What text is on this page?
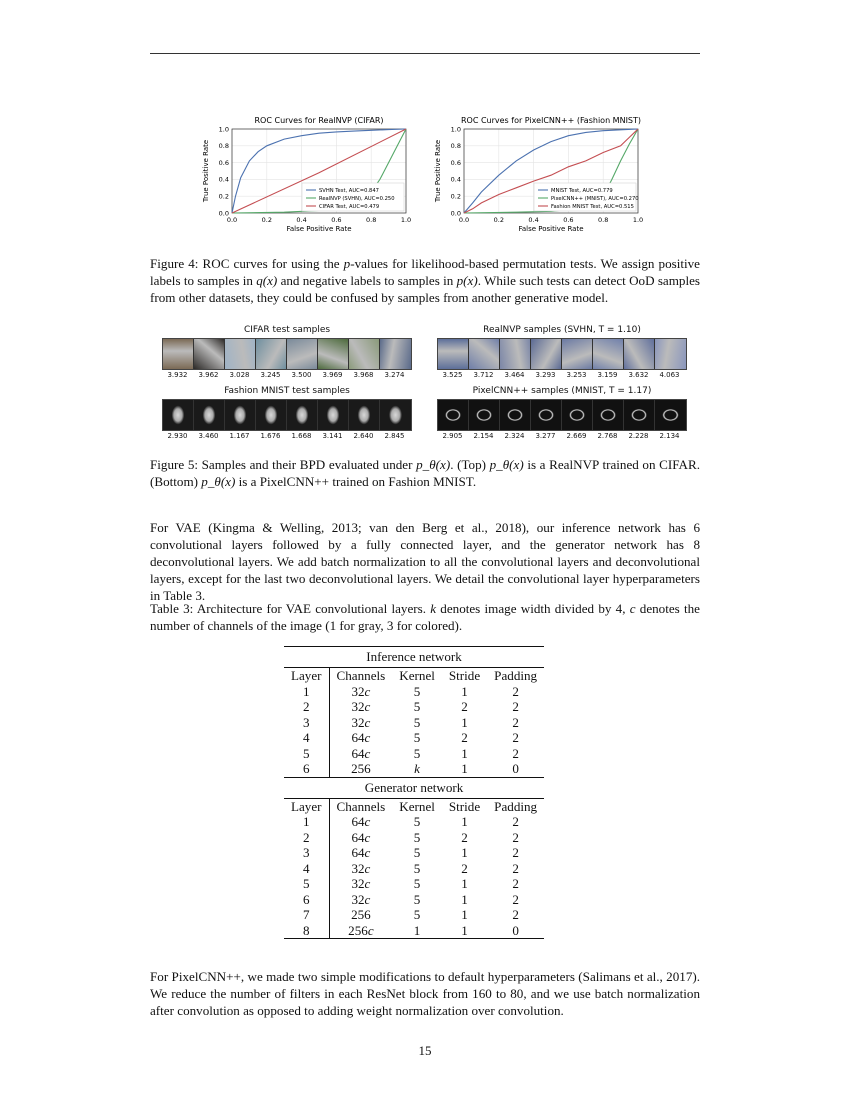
ROC Curves for RealNVP (CIFAR)
0.0	0.2	0.4	0.6	0.8	1.0
0.0
0.2
0.4
0.6
0.8
1.0
False Positive Rate
True Positive Rate	SVHN Test, AUC=0.847
RealNVP (SVHN), AUC=0.250
CIFAR Test, AUC=0.479
ROC Curves for PixelCNN++ (Fashion MNIST)
0.0	0.2	0.4	0.6	0.8	1.0
0.0
0.2
0.4
0.6
0.8
1.0
False Positive Rate
True Positive Rate	MNIST Test, AUC=0.779
PixelCNN++ (MNIST), AUC=0.270
Fashion MNIST Test, AUC=0.515
Figure 4: ROC curves for using the p-values for likelihood-based permutation tests. We assign positive labels to samples in q(x) and negative labels to samples in p(x). While such tests can detect OoD samples from other datasets, they could be confused by samples from another generative model.
CIFAR test samples
3.932	3.962	3.028	3.245	3.500	3.969	3.968	3.274
RealNVP samples (SVHN, T = 1.10)
3.525	3.712	3.464	3.293	3.253	3.159	3.632	4.063
Fashion MNIST test samples
2.930	3.460	1.167	1.676	1.668	3.141	2.640	2.845
PixelCNN++ samples (MNIST, T = 1.17)
2.905	2.154	2.324	3.277	2.669	2.768	2.228	2.134
Figure 5: Samples and their BPD evaluated under p_θ(x). (Top) p_θ(x) is a RealNVP trained on CIFAR. (Bottom) p_θ(x) is a PixelCNN++ trained on Fashion MNIST.
For VAE (Kingma & Welling, 2013; van den Berg et al., 2018), our inference network has 6 convolutional layers followed by a fully connected layer, and the generator network has 8 deconvolutional layers. We add batch normalization to all the convolutional layers and deconvolutional layers, except for the last two deconvolutional layers. We detail the convolutional layer hyperparameters in Table 3.
Table 3: Architecture for VAE convolutional layers. k denotes image width divided by 4, c denotes the number of channels of the image (1 for gray, 3 for colored).
Inference network				
Layer	Channels	Kernel	Stride	Padding
1	32c	5	1	2
2	32c	5	2	2
3	32c	5	1	2
4	64c	5	2	2
5	64c	5	1	2
6	256	k	1	0
Generator network				
Layer	Channels	Kernel	Stride	Padding
1	64c	5	1	2
2	64c	5	2	2
3	64c	5	1	2
4	32c	5	2	2
5	32c	5	1	2
6	32c	5	1	2
7	256	5	1	2
8	256c	1	1	0
For PixelCNN++, we made two simple modifications to default hyperparameters (Salimans et al., 2017). We reduce the number of filters in each ResNet block from 160 to 80, and we use batch normalization after convolution as opposed to adding weight normalization over convolution.
15
